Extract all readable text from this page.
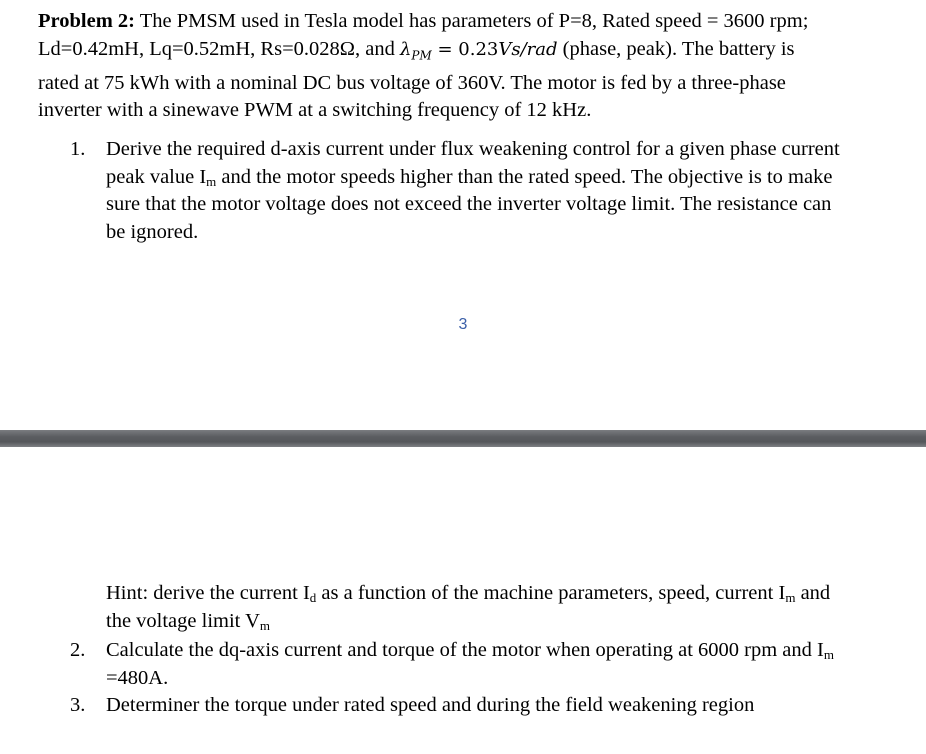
Problem 2: The PMSM used in Tesla model has parameters of P=8, Rated speed = 3600 rpm;
Ld=0.42mH, Lq=0.52mH, Rs=0.028Ω, and $\lambda_{PM} = 0.23Vs/rad$ (phase, peak). The battery is
rated at 75 kWh with a nominal DC bus voltage of 360V. The motor is fed by a three-phase
inverter with a sinewave PWM at a switching frequency of 12 kHz.
1.	Derive the required d-axis current under flux weakening control for a given phase current
peak value $I_m$ and the motor speeds higher than the rated speed. The objective is to make
sure that the motor voltage does not exceed the inverter voltage limit. The resistance can
be ignored.
3
Hint: derive the current $I_d$ as a function of the machine parameters, speed, current $I_m$ and
the voltage limit $V_m$
2.	Calculate the dq-axis current and torque of the motor when operating at 6000 rpm and $I_m$
=480A.
3.	Determiner the torque under rated speed and during the field weakening region
